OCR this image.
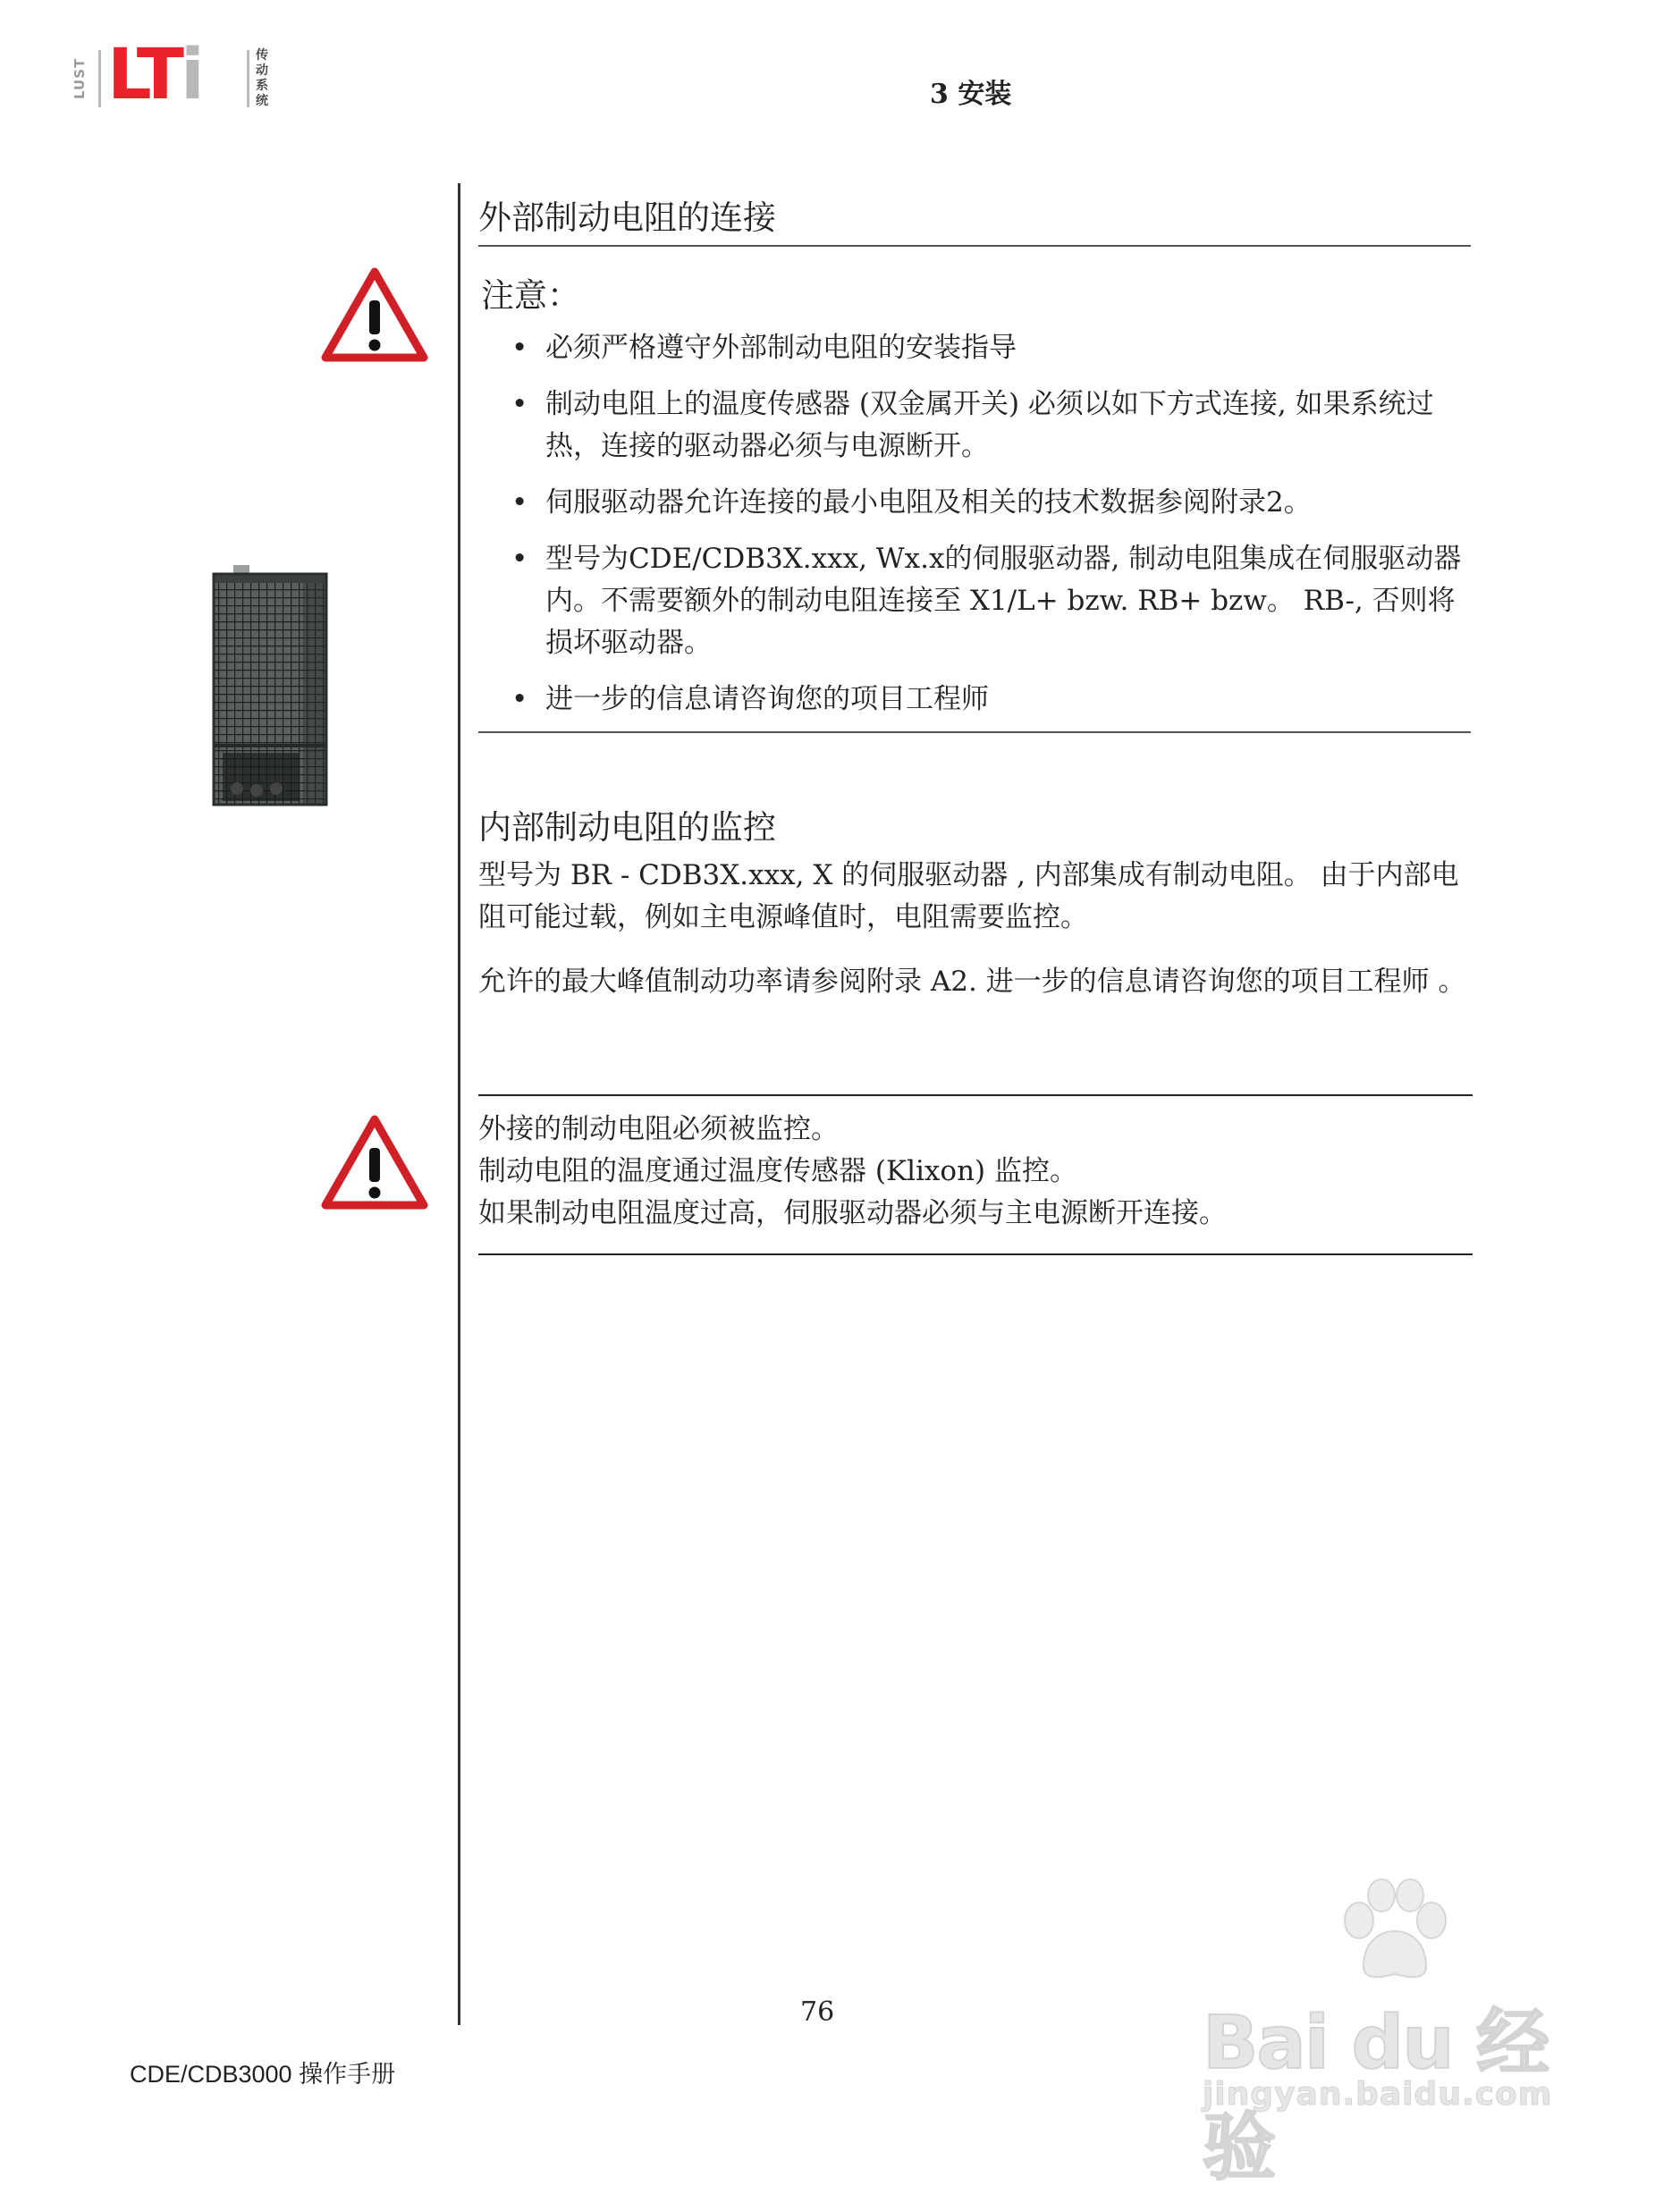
LUST LTi	传
动
系
统	3 安装
外部制动电阻的连接
注意：
• 必须严格遵守外部制动电阻的安装指导
• 制动电阻上的温度传感器 (双金属开关) 必须以如下方式连接, 如果系统过热，连接的驱动器必须与电源断开。
• 伺服驱动器允许连接的最小电阻及相关的技术数据参阅附录2。
• 型号为CDE/CDB3X.xxx, Wx.x的伺服驱动器, 制动电阻集成在伺服驱动器内。不需要额外的制动电阻连接至 X1/L+ bzw. RB+ bzw。 RB-, 否则将损坏驱动器。
• 进一步的信息请咨询您的项目工程师
内部制动电阻的监控
型号为 BR - CDB3X.xxx, X 的伺服驱动器 , 内部集成有制动电阻。 由于内部电阻可能过载，例如主电源峰值时，电阻需要监控。
允许的最大峰值制动功率请参阅附录 A2. 进一步的信息请咨询您的项目工程师 。
外接的制动电阻必须被监控。
制动电阻的温度通过温度传感器 (Klixon) 监控。
如果制动电阻温度过高，伺服驱动器必须与主电源断开连接。
76
CDE/CDB3000 操作手册	Bai du 经验
jingyan.baidu.com
